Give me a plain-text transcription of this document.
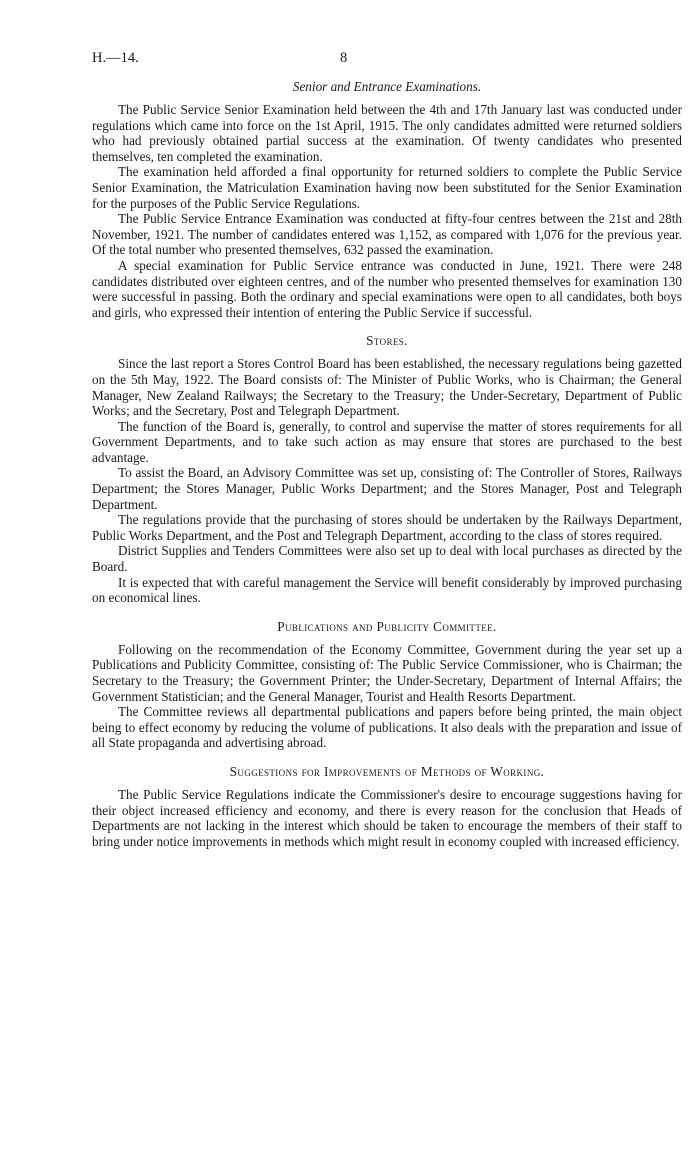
H.—14.	8
Senior and Entrance Examinations.

The Public Service Senior Examination held between the 4th and 17th January last was conducted under regulations which came into force on the 1st April, 1915. The only candidates admitted were returned soldiers who had previously obtained partial success at the examination. Of twenty candidates who presented themselves, ten completed the examination.

The examination held afforded a final opportunity for returned soldiers to complete the Public Service Senior Examination, the Matriculation Examination having now been substituted for the Senior Examination for the purposes of the Public Service Regulations.

The Public Service Entrance Examination was conducted at fifty-four centres between the 21st and 28th November, 1921. The number of candidates entered was 1,152, as compared with 1,076 for the previous year. Of the total number who presented themselves, 632 passed the examination.

A special examination for Public Service entrance was conducted in June, 1921. There were 248 candidates distributed over eighteen centres, and of the number who presented themselves for examination 130 were successful in passing. Both the ordinary and special examinations were open to all candidates, both boys and girls, who expressed their intention of entering the Public Service if successful.

Stores.

Since the last report a Stores Control Board has been established, the necessary regulations being gazetted on the 5th May, 1922. The Board consists of: The Minister of Public Works, who is Chairman; the General Manager, New Zealand Railways; the Secretary to the Treasury; the Under-Secretary, Department of Public Works; and the Secretary, Post and Telegraph Department.

The function of the Board is, generally, to control and supervise the matter of stores requirements for all Government Departments, and to take such action as may ensure that stores are purchased to the best advantage.

To assist the Board, an Advisory Committee was set up, consisting of: The Controller of Stores, Railways Department; the Stores Manager, Public Works Department; and the Stores Manager, Post and Telegraph Department.

The regulations provide that the purchasing of stores should be undertaken by the Railways Department, Public Works Department, and the Post and Telegraph Department, according to the class of stores required.

District Supplies and Tenders Committees were also set up to deal with local purchases as directed by the Board.

It is expected that with careful management the Service will benefit considerably by improved purchasing on economical lines.

Publications and Publicity Committee.

Following on the recommendation of the Economy Committee, Government during the year set up a Publications and Publicity Committee, consisting of: The Public Service Commissioner, who is Chairman; the Secretary to the Treasury; the Government Printer; the Under-Secretary, Department of Internal Affairs; the Government Statistician; and the General Manager, Tourist and Health Resorts Department.

The Committee reviews all departmental publications and papers before being printed, the main object being to effect economy by reducing the volume of publications. It also deals with the preparation and issue of all State propaganda and advertising abroad.

Suggestions for Improvements of Methods of Working.

The Public Service Regulations indicate the Commissioner's desire to encourage suggestions having for their object increased efficiency and economy, and there is every reason for the conclusion that Heads of Departments are not lacking in the interest which should be taken to encourage the members of their staff to bring under notice improvements in methods which might result in economy coupled with increased efficiency.
